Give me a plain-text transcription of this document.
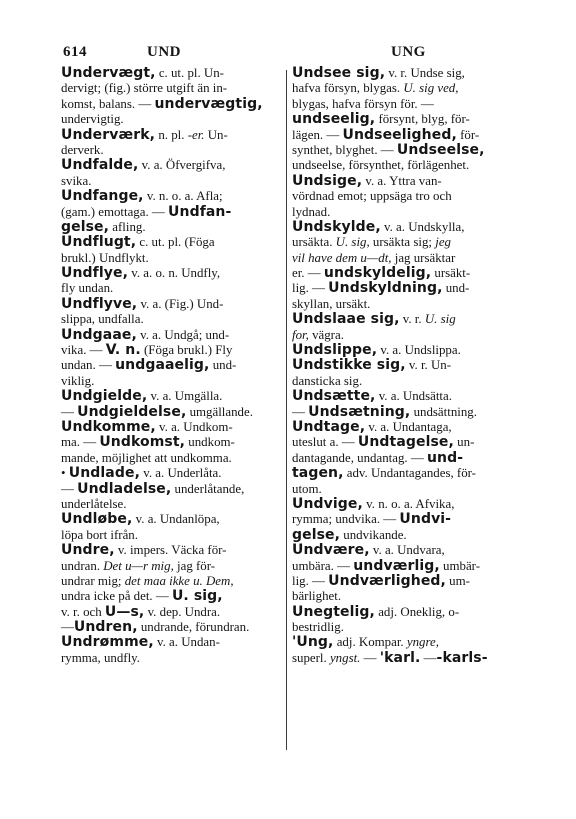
614	UND	UNG
Undervægt, c. ut. pl. Un-
dervigt; (fig.) större utgift än in-
komst, balans. — undervægtig,
undervigtig.
Underværk, n. pl. -er. Un-
derverk.
Undfalde, v. a. Öfvergifva,
svika.
Undfange, v. n. o. a. Afla;
(gam.) emottaga. — Undfan-
gelse, afling.
Undflugt, c. ut. pl. (Föga
brukl.) Undflykt.
Undflye, v. a. o. n. Undfly,
fly undan.
Undflyve, v. a. (Fig.) Und-
slippa, undfalla.
Undgaae, v. a. Undgå; und-
vika. — V. n. (Föga brukl.) Fly
undan. — undgaaelig, und-
viklig.
Undgielde, v. a. Umgälla.
— Undgieldelse, umgällande.
Undkomme, v. a. Undkom-
ma. — Undkomst, undkom-
mande, möjlighet att undkomma.
• Undlade, v. a. Underlåta.
— Undladelse, underlåtande,
underlåtelse.
Undløbe, v. a. Undanlöpa,
löpa bort ifrån.
Undre, v. impers. Väcka för-
undran. Det u—r mig, jag för-
undrar mig; det maa ikke u. Dem,
undra icke på det. — U. sig,
v. r. och U—s, v. dep. Undra.
—Undren, undrande, förundran.
Undrømme, v. a. Undan-
rymma, undfly.
Undsee sig, v. r. Undse sig,
hafva försyn, blygas. U. sig ved,
blygas, hafva försyn för. —
undseelig, försynt, blyg, för-
lägen. — Undseelighed, för-
synthet, blyghet. — Undseelse,
undseelse, försynthet, förlägenhet.
Undsige, v. a. Yttra van-
vördnad emot; uppsäga tro och
lydnad.
Undskylde, v. a. Undskylla,
ursäkta. U. sig, ursäkta sig; jeg
vil have dem u—dt, jag ursäktar
er. — undskyldelig, ursäkt-
lig. — Undskyldning, und-
skyllan, ursäkt.
Undslaae sig, v. r. U. sig
for, vägra.
Undslippe, v. a. Undslippa.
Undstikke sig, v. r. Un-
dansticka sig.
Undsætte, v. a. Undsätta.
— Undsætning, undsättning.
Undtage, v. a. Undantaga,
uteslut a. — Undtagelse, un-
dantagande, undantag. — und-
tagen, adv. Undantagandes, för-
utom.
Undvige, v. n. o. a. Afvika,
rymma; undvika. — Undvi-
gelse, undvikande.
Undvære, v. a. Undvara,
umbära. — undværlig, umbär-
lig. — Undværlighed, um-
bärlighet.
Unegtelig, adj. Oneklig, o-
bestridlig.
'Ung, adj. Kompar. yngre,
superl. yngst. — 'karl. —-karls-
